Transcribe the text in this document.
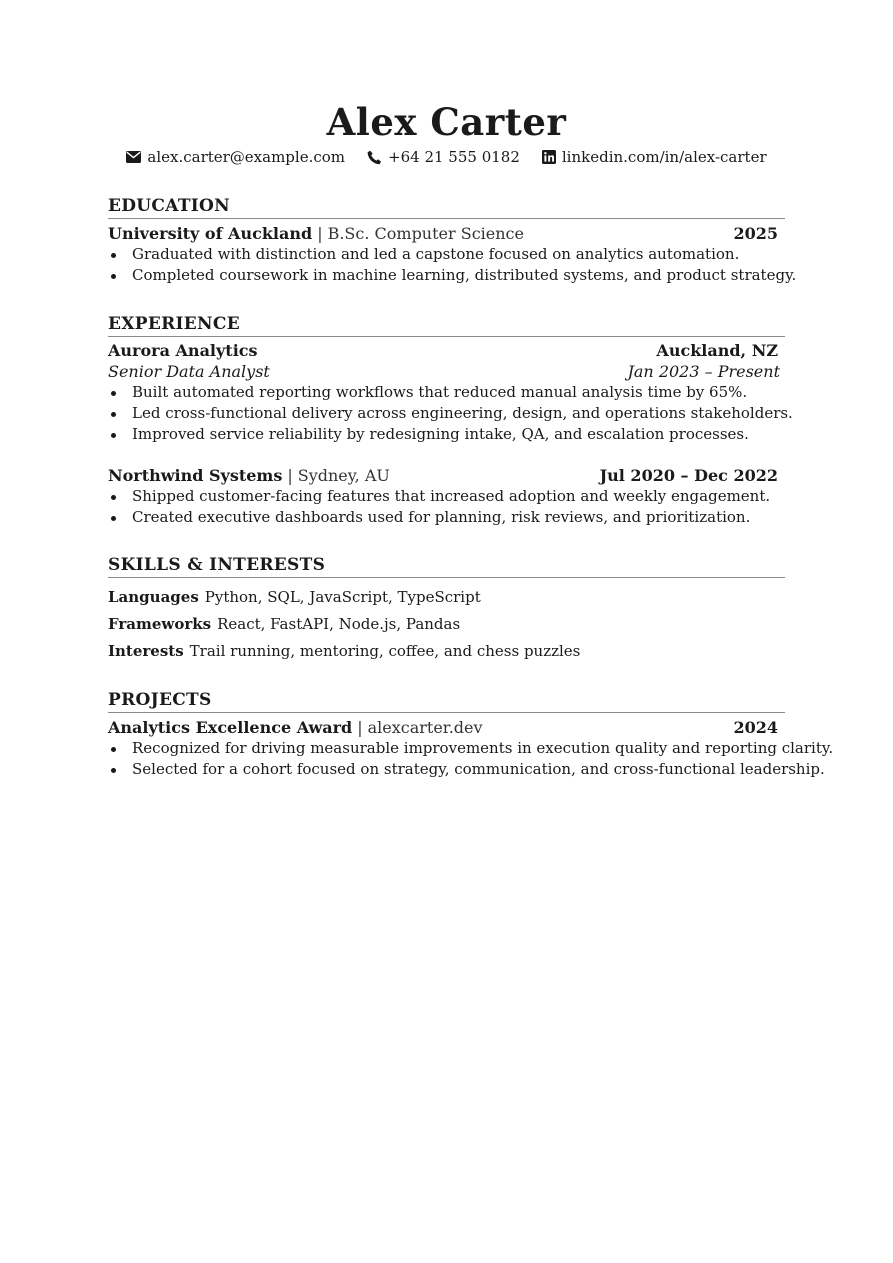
Alex Carter
alex.carter@example.com	+64 21 555 0182	linkedin.com/in/alex-carter
EDUCATION
University of Auckland | B.Sc. Computer Science	2025
Graduated with distinction and led a capstone focused on analytics automation.
Completed coursework in machine learning, distributed systems, and product strategy.
EXPERIENCE
Aurora Analytics	Auckland, NZ
Senior Data Analyst	Jan 2023 – Present
Built automated reporting workflows that reduced manual analysis time by 65%.
Led cross-functional delivery across engineering, design, and operations stakeholders.
Improved service reliability by redesigning intake, QA, and escalation processes.
Northwind Systems | Sydney, AU	Jul 2020 – Dec 2022
Shipped customer-facing features that increased adoption and weekly engagement.
Created executive dashboards used for planning, risk reviews, and prioritization.
SKILLS & INTERESTS
Languages Python, SQL, JavaScript, TypeScript
Frameworks React, FastAPI, Node.js, Pandas
Interests Trail running, mentoring, coffee, and chess puzzles
PROJECTS
Analytics Excellence Award | alexcarter.dev	2024
Recognized for driving measurable improvements in execution quality and reporting clarity.
Selected for a cohort focused on strategy, communication, and cross-functional leadership.
